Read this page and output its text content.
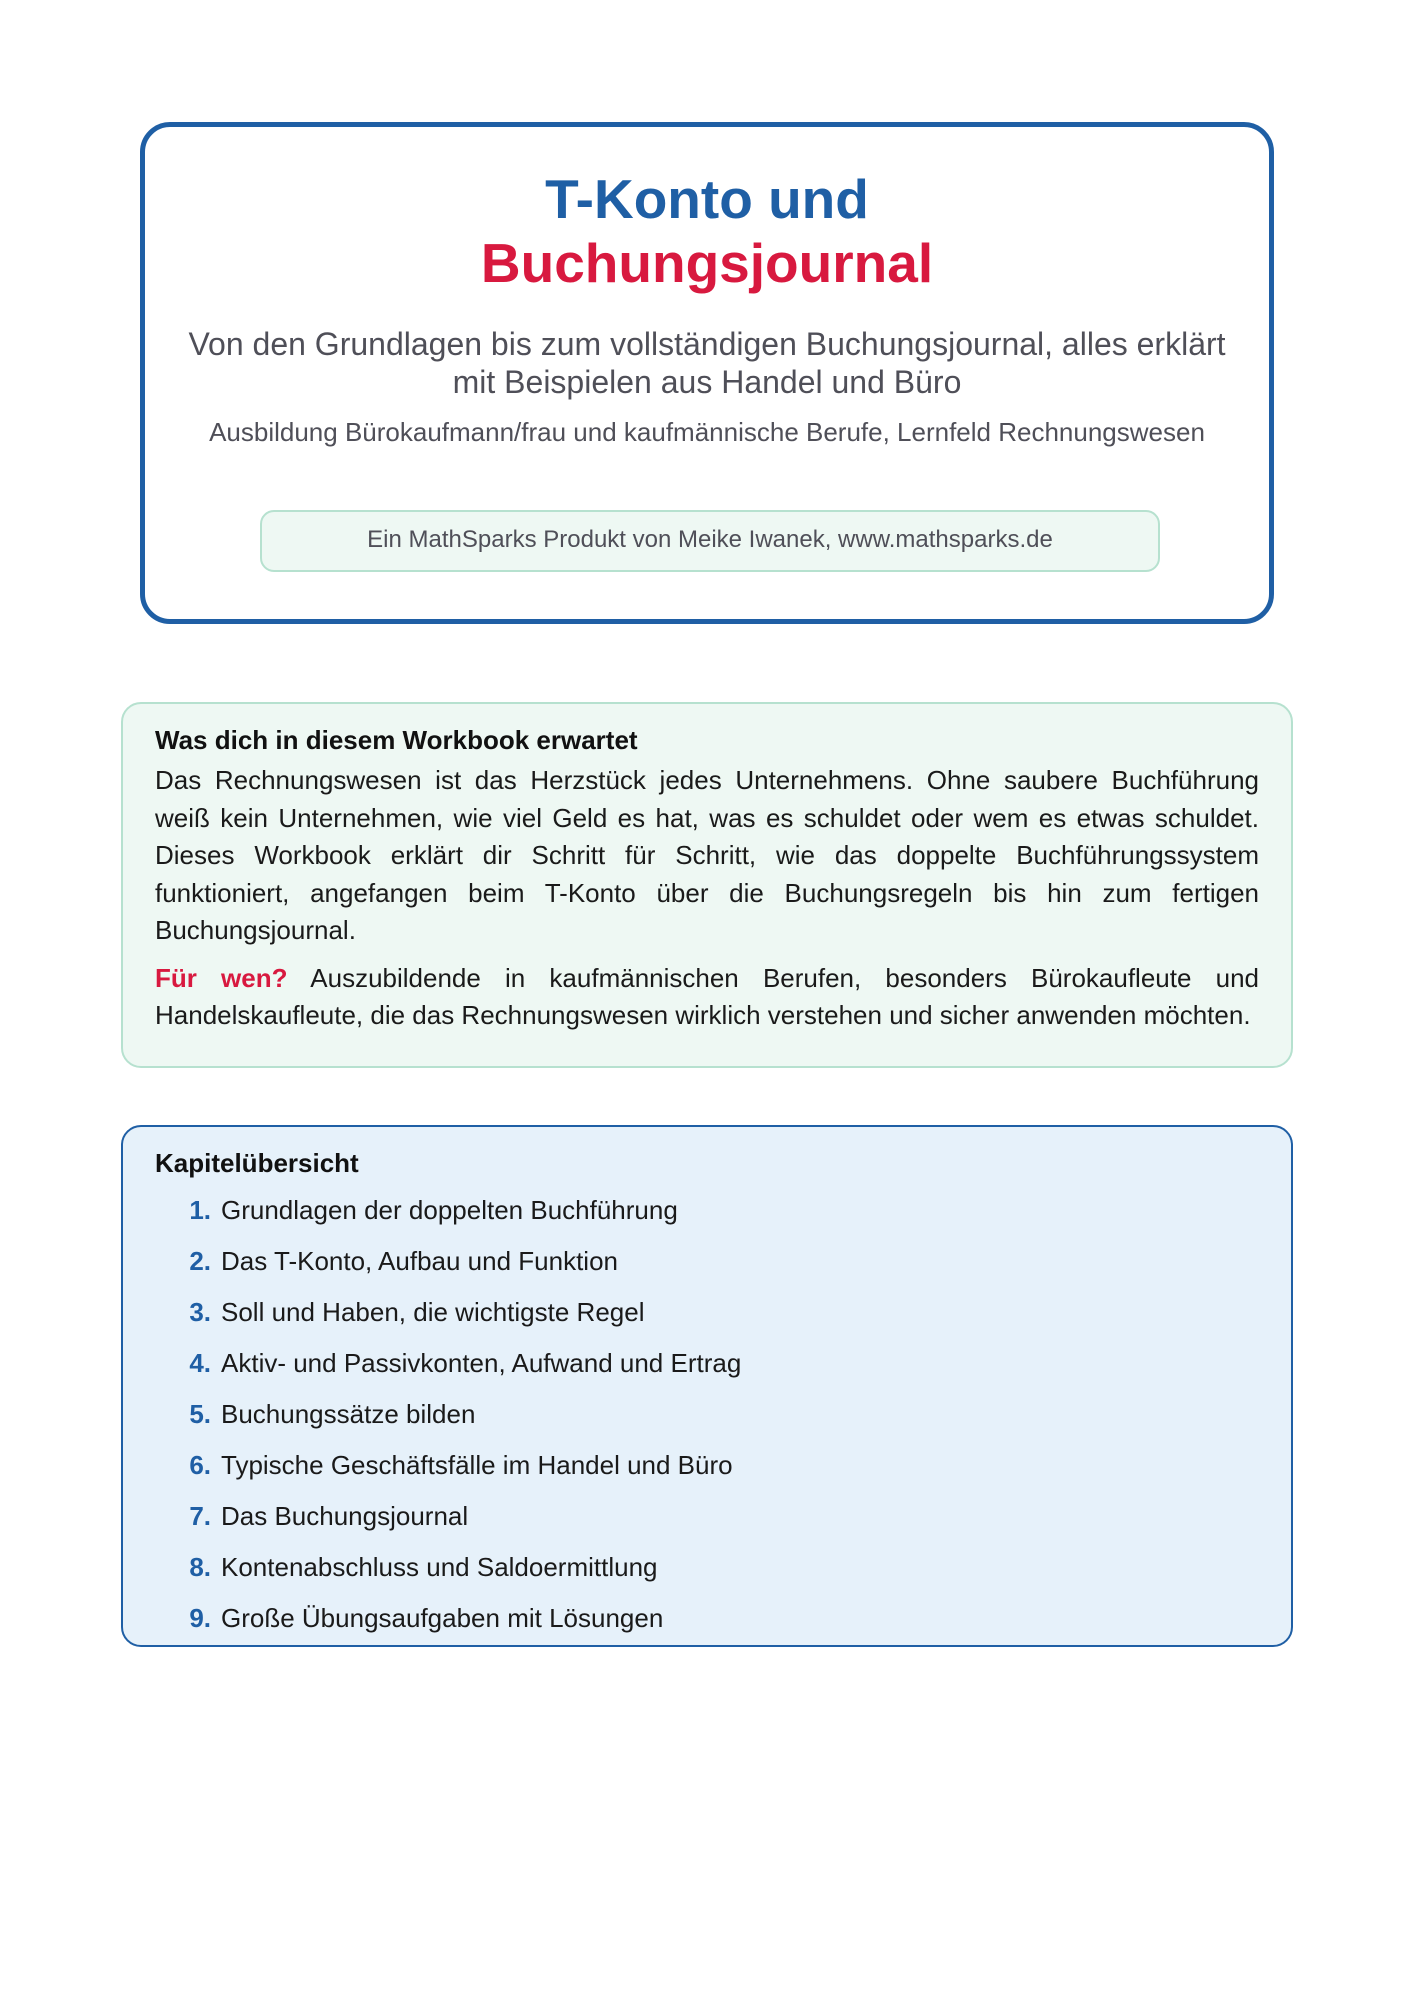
T-Konto und
Buchungsjournal
Von den Grundlagen bis zum vollständigen Buchungsjournal, alles erklärt mit Beispielen aus Handel und Büro
Ausbildung Bürokaufmann/frau und kaufmännische Berufe, Lernfeld Rechnungswesen
Ein MathSparks Produkt von Meike Iwanek, www.mathsparks.de
Was dich in diesem Workbook erwartet

Das Rechnungswesen ist das Herzstück jedes Unternehmens. Ohne saubere Buchführung weiß kein Unternehmen, wie viel Geld es hat, was es schuldet oder wem es etwas schuldet. Dieses Workbook erklärt dir Schritt für Schritt, wie das doppelte Buchführungssystem funktioniert, angefangen beim T-Konto über die Buchungsregeln bis hin zum fertigen Buchungsjournal.

Für wen? Auszubildende in kaufmännischen Berufen, besonders Bürokaufleute und Handelskaufleute, die das Rechnungswesen wirklich verstehen und sicher anwenden möchten.

Kapitelübersicht
1. Grundlagen der doppelten Buchführung
2. Das T-Konto, Aufbau und Funktion
3. Soll und Haben, die wichtigste Regel
4. Aktiv- und Passivkonten, Aufwand und Ertrag
5. Buchungssätze bilden
6. Typische Geschäftsfälle im Handel und Büro
7. Das Buchungsjournal
8. Kontenabschluss und Saldoermittlung
9. Große Übungsaufgaben mit Lösungen
